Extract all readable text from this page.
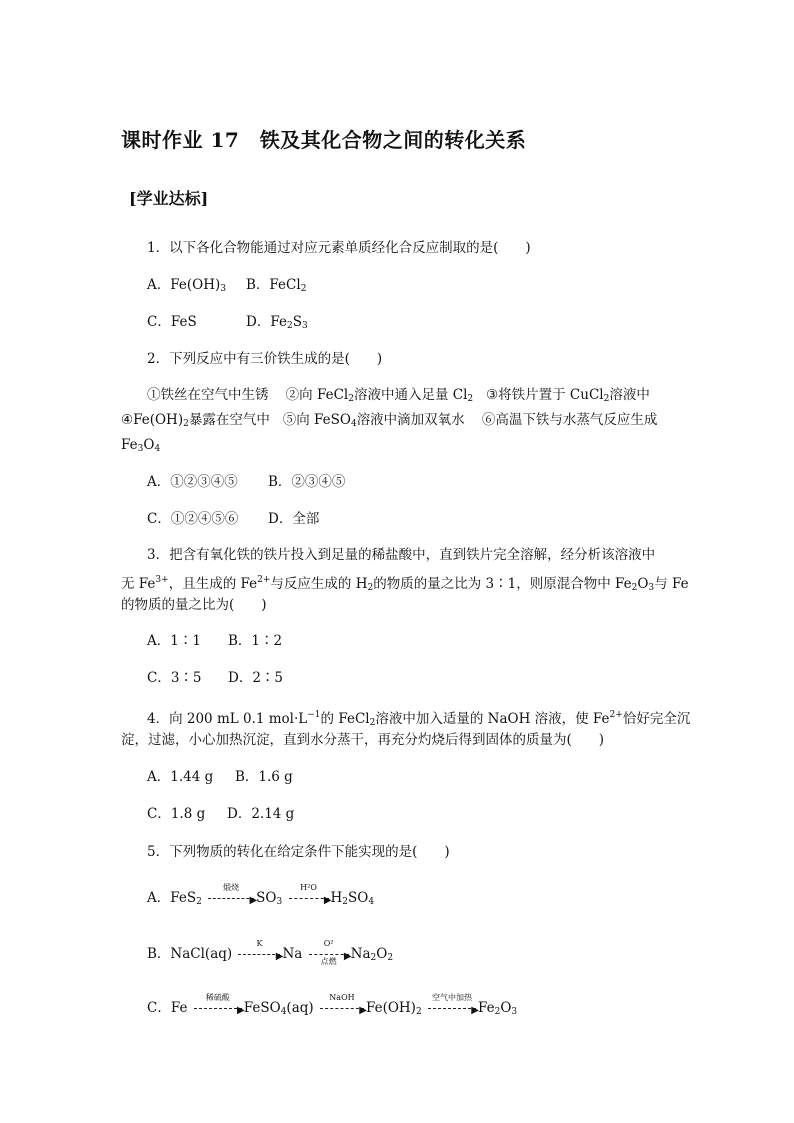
课时作业 17　铁及其化合物之间的转化关系
[学业达标]
1．以下各化合物能通过对应元素单质经化合反应制取的是(　　)
A．$Fe(OH)_3$ B．FeCl$_2$
C．FeS	D．$Fe_2S_3$
2．下列反应中有三价铁生成的是(　　)
①铁丝在空气中生锈 ②向 FeCl$_2$溶液中通入足量 $Cl_2$ ③将铁片置于 CuCl$_2$溶液中
$④Fe(OH)_2$暴露在空气中 ⑤向 FeSO$_4$溶液中滴加双氧水 ⑥高温下铁与水蒸气反应生成
$Fe_3O_4$
A．①②③④⑤ B．②③④⑤
C．①②④⑤⑥ D．全部
3．把含有氧化铁的铁片投入到足量的稀盐酸中，直到铁片完全溶解，经分析该溶液中
无 $Fe^{3+}$，且生成的 $Fe^{2+}$与反应生成的 $H_2$的物质的量之比为 3∶1，则原混合物中 $Fe_2O_3$与 Fe
的物质的量之比为(　　)
A．1∶1 B．1∶2
C．3∶5 D．2∶5
4．向 200 mL 0.1 $mol\cdot L^{-1}$的 FeCl$_2$溶液中加入适量的 NaOH 溶液，使 $Fe^{2+}$恰好完全沉
淀，过滤，小心加热沉淀，直到水分蒸干，再充分灼烧后得到固体的质量为(　　)
A．1.44 g B．1.6 g
C．1.8 g D．2.14 g
5．下列物质的转化在给定条件下能实现的是(　　)
A．FeS$_2$
煅烧
▶ $SO_3$
H²O
▶ $H_2SO_4$
B．NaCl(aq)
K
▶ Na
O²
▶
点燃	$Na_2O_2$
C．Fe
稀硫酸
▶ FeSO$_4$(aq)
NaOH
▶ $Fe(OH)_2$
空气中加热
▶ $Fe_2O_3$
